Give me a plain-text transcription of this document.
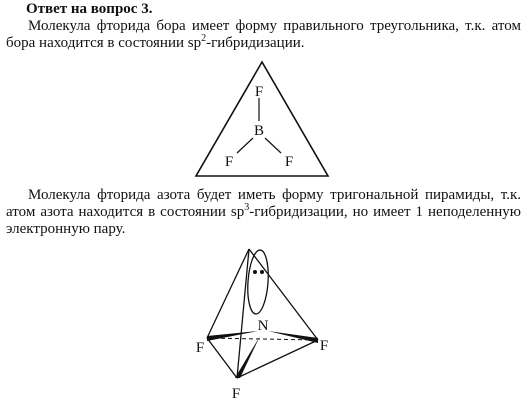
Ответ на вопрос 3.

Молекула фторида бора имеет форму правильного треугольника, т.к. атом бора находится в состоянии $sp^2$-гибридизации.

Молекула фторида азота будет иметь форму тригональной пирамиды, т.к. атом азота находится в состоянии $sp^3$-гибридизации, но имеет 1 неподеленную электронную пару.

F
B
F	F
N
F	F
F
